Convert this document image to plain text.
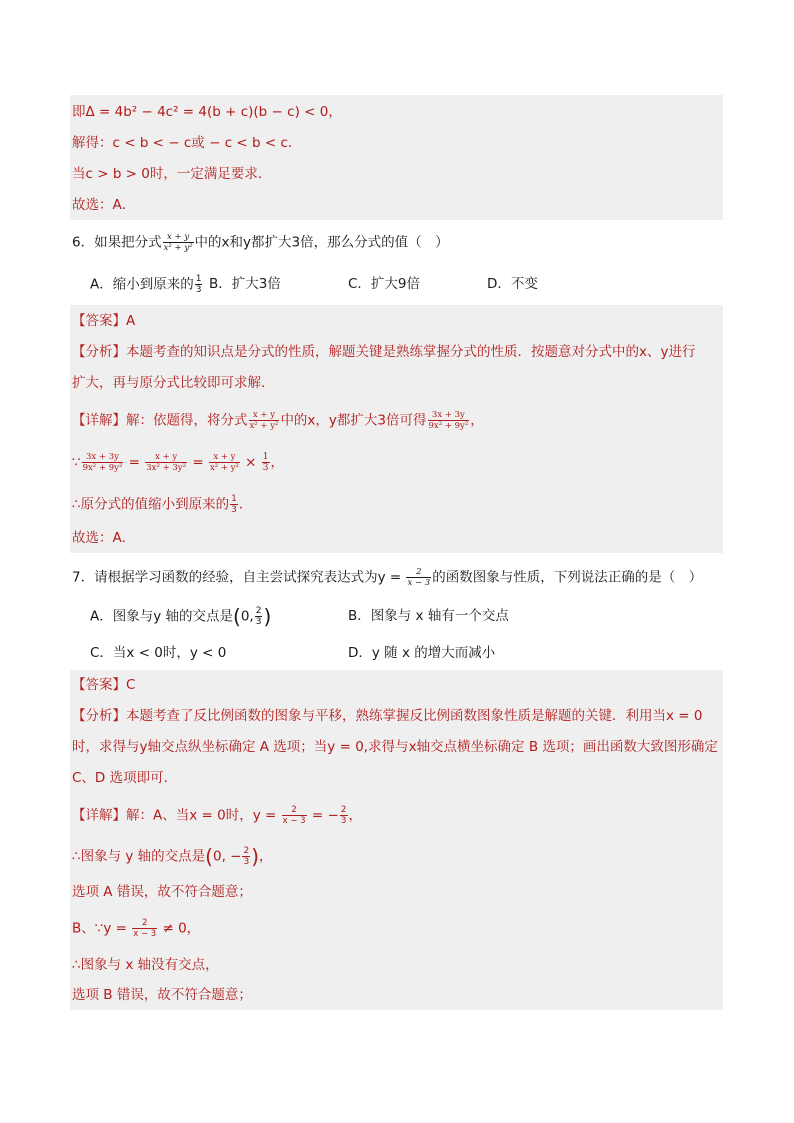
即Δ = 4b² − 4c² = 4(b + c)(b − c) < 0，
解得：c < b < − c或 − c < b < c．
当c > b > 0时，一定满足要求．
故选：A．
6．如果把分式 $\frac{x + y}{\text{x² + y²}}$ 中的x和y都扩大3倍，那么分式的值（　）
A．缩小到原来的 $\frac{1}{3}$ B．扩大3倍	C．扩大9倍	D．不变
【答案】A
【分析】本题考查的知识点是分式的性质，解题关键是熟练掌握分式的性质．按题意对分式中的x、y进行
扩大，再与原分式比较即可求解．
【详解】解：依题得，将分式 $\frac{x + y}{\text{x² + y²}}$ 中的x，y都扩大3倍可得 $\frac{3x + 3y}{\text{9x² + 9y²}}$ ，
∵ $\frac{3x + 3y}{\text{9x² + 9y²}} = \frac{x + y}{\text{3x² + 3y²}} = \frac{x + y}{\text{x² + y²}} \times \frac{1}{3}$ ，
∴原分式的值缩小到原来的 $\frac{1}{3}$ ．
故选：A．
7．请根据学习函数的经验，自主尝试探究表达式为$y = \frac{2}{x - 3}$ 的函数图象与性质，下列说法正确的是（　）
A．图象与y 轴的交点是(0, $\frac{2}{3}$ )	B．图象与 x 轴有一个交点
C．当x < 0时，y < 0	D．y 随 x 的增大而减小
【答案】C
【分析】本题考查了反比例函数的图象与平移，熟练掌握反比例函数图象性质是解题的关键．利用当x = 0
时，求得与y轴交点纵坐标确定 A 选项；当y = 0,求得与x轴交点横坐标确定 B 选项；画出函数大致图形确定
C、D 选项即可．
【详解】解：A、当x = 0时，$y = \frac{2}{x - 3}$ = − $\frac{2}{3}$ ，
∴图象与 y 轴的交点是(0, − $\frac{2}{3}$ )，
选项 A 错误，故不符合题意；
B、∵y = $\frac{2}{x - 3} \ne 0$，
∴图象与 x 轴没有交点，
选项 B 错误，故不符合题意；
